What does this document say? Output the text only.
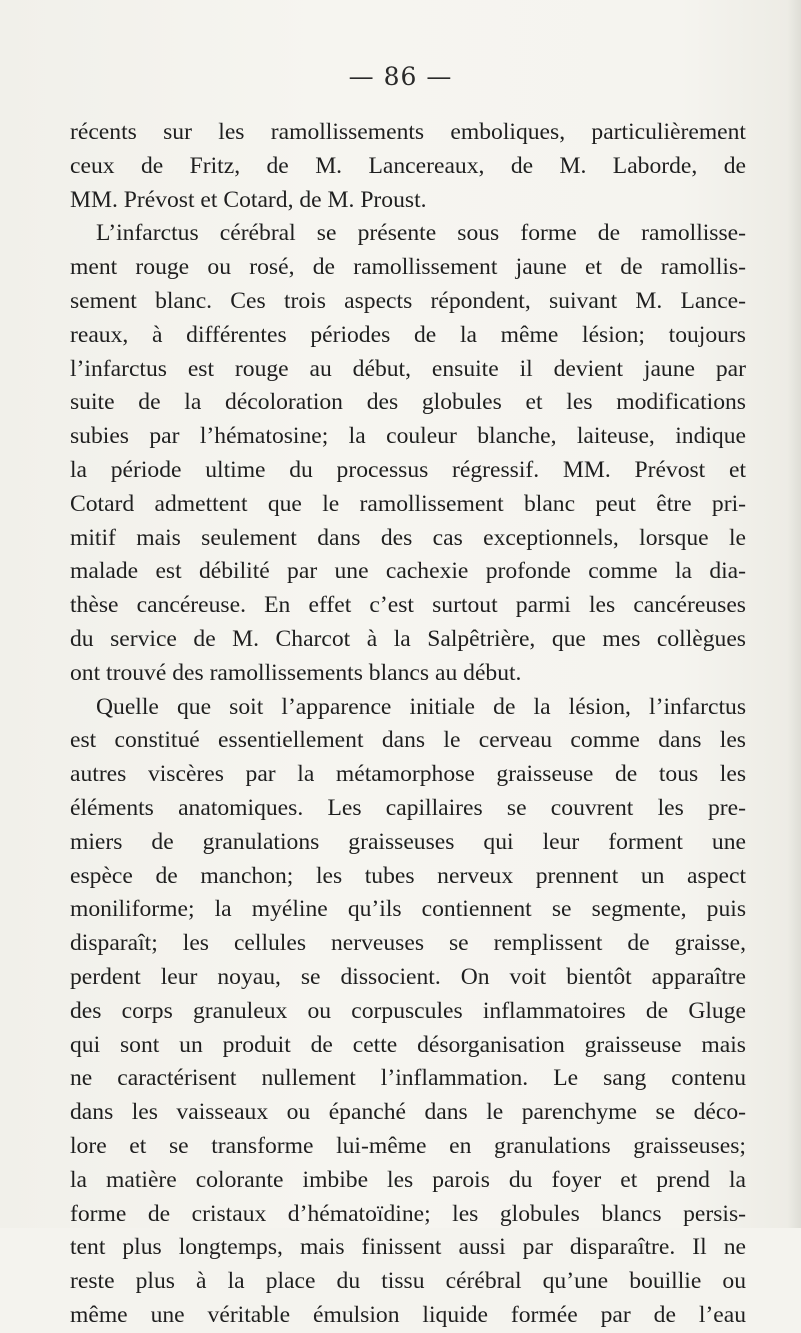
— 86 —
récents sur les ramollissements emboliques, particulièrement
ceux de Fritz, de M. Lancereaux, de M. Laborde, de
MM. Prévost et Cotard, de M. Proust.
L’infarctus cérébral se présente sous forme de ramollisse-
ment rouge ou rosé, de ramollissement jaune et de ramollis-
sement blanc. Ces trois aspects répondent, suivant M. Lance-
reaux, à différentes périodes de la même lésion; toujours
l’infarctus est rouge au début, ensuite il devient jaune par
suite de la décoloration des globules et les modifications
subies par l’hématosine; la couleur blanche, laiteuse, indique
la période ultime du processus régressif. MM. Prévost et
Cotard admettent que le ramollissement blanc peut être pri-
mitif mais seulement dans des cas exceptionnels, lorsque le
malade est débilité par une cachexie profonde comme la dia-
thèse cancéreuse. En effet c’est surtout parmi les cancéreuses
du service de M. Charcot à la Salpêtrière, que mes collègues
ont trouvé des ramollissements blancs au début.
Quelle que soit l’apparence initiale de la lésion, l’infarctus
est constitué essentiellement dans le cerveau comme dans les
autres viscères par la métamorphose graisseuse de tous les
éléments anatomiques. Les capillaires se couvrent les pre-
miers de granulations graisseuses qui leur forment une
espèce de manchon; les tubes nerveux prennent un aspect
moniliforme; la myéline qu’ils contiennent se segmente, puis
disparaît; les cellules nerveuses se remplissent de graisse,
perdent leur noyau, se dissocient. On voit bientôt apparaître
des corps granuleux ou corpuscules inflammatoires de Gluge
qui sont un produit de cette désorganisation graisseuse mais
ne caractérisent nullement l’inflammation. Le sang contenu
dans les vaisseaux ou épanché dans le parenchyme se déco-
lore et se transforme lui-même en granulations graisseuses;
la matière colorante imbibe les parois du foyer et prend la
forme de cristaux d’hématoïdine; les globules blancs persis-
tent plus longtemps, mais finissent aussi par disparaître. Il ne
reste plus à la place du tissu cérébral qu’une bouillie ou
même une véritable émulsion liquide formée par de l’eau
